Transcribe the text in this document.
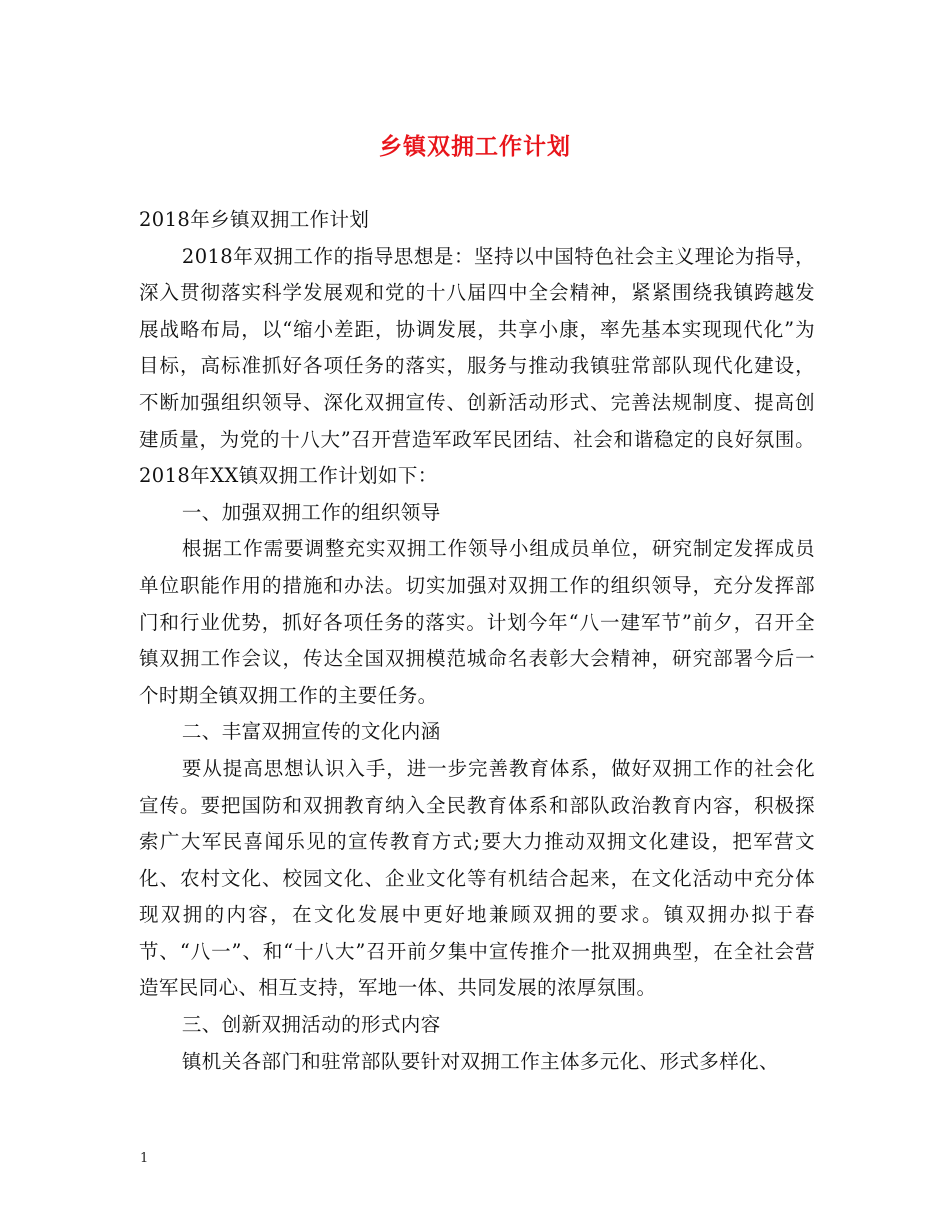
乡镇双拥工作计划

2018年乡镇双拥工作计划

2018年双拥工作的指导思想是：坚持以中国特色社会主义理论为指导，深入贯彻落实科学发展观和党的十八届四中全会精神，紧紧围绕我镇跨越发展战略布局，以“缩小差距，协调发展，共享小康，率先基本实现现代化”为目标，高标准抓好各项任务的落实，服务与推动我镇驻常部队现代化建设，不断加强组织领导、深化双拥宣传、创新活动形式、完善法规制度、提高创建质量，为党的十八大”召开营造军政军民团结、社会和谐稳定的良好氛围。2018年XX镇双拥工作计划如下：

一、加强双拥工作的组织领导

根据工作需要调整充实双拥工作领导小组成员单位，研究制定发挥成员单位职能作用的措施和办法。切实加强对双拥工作的组织领导，充分发挥部门和行业优势，抓好各项任务的落实。计划今年“八一建军节”前夕，召开全镇双拥工作会议，传达全国双拥模范城命名表彰大会精神，研究部署今后一个时期全镇双拥工作的主要任务。

二、丰富双拥宣传的文化内涵

要从提高思想认识入手，进一步完善教育体系，做好双拥工作的社会化宣传。要把国防和双拥教育纳入全民教育体系和部队政治教育内容，积极探索广大军民喜闻乐见的宣传教育方式;要大力推动双拥文化建设，把军营文化、农村文化、校园文化、企业文化等有机结合起来，在文化活动中充分体现双拥的内容，在文化发展中更好地兼顾双拥的要求。镇双拥办拟于春节、“八一”、和“十八大”召开前夕集中宣传推介一批双拥典型，在全社会营造军民同心、相互支持，军地一体、共同发展的浓厚氛围。

三、创新双拥活动的形式内容

镇机关各部门和驻常部队要针对双拥工作主体多元化、形式多样化、

1
